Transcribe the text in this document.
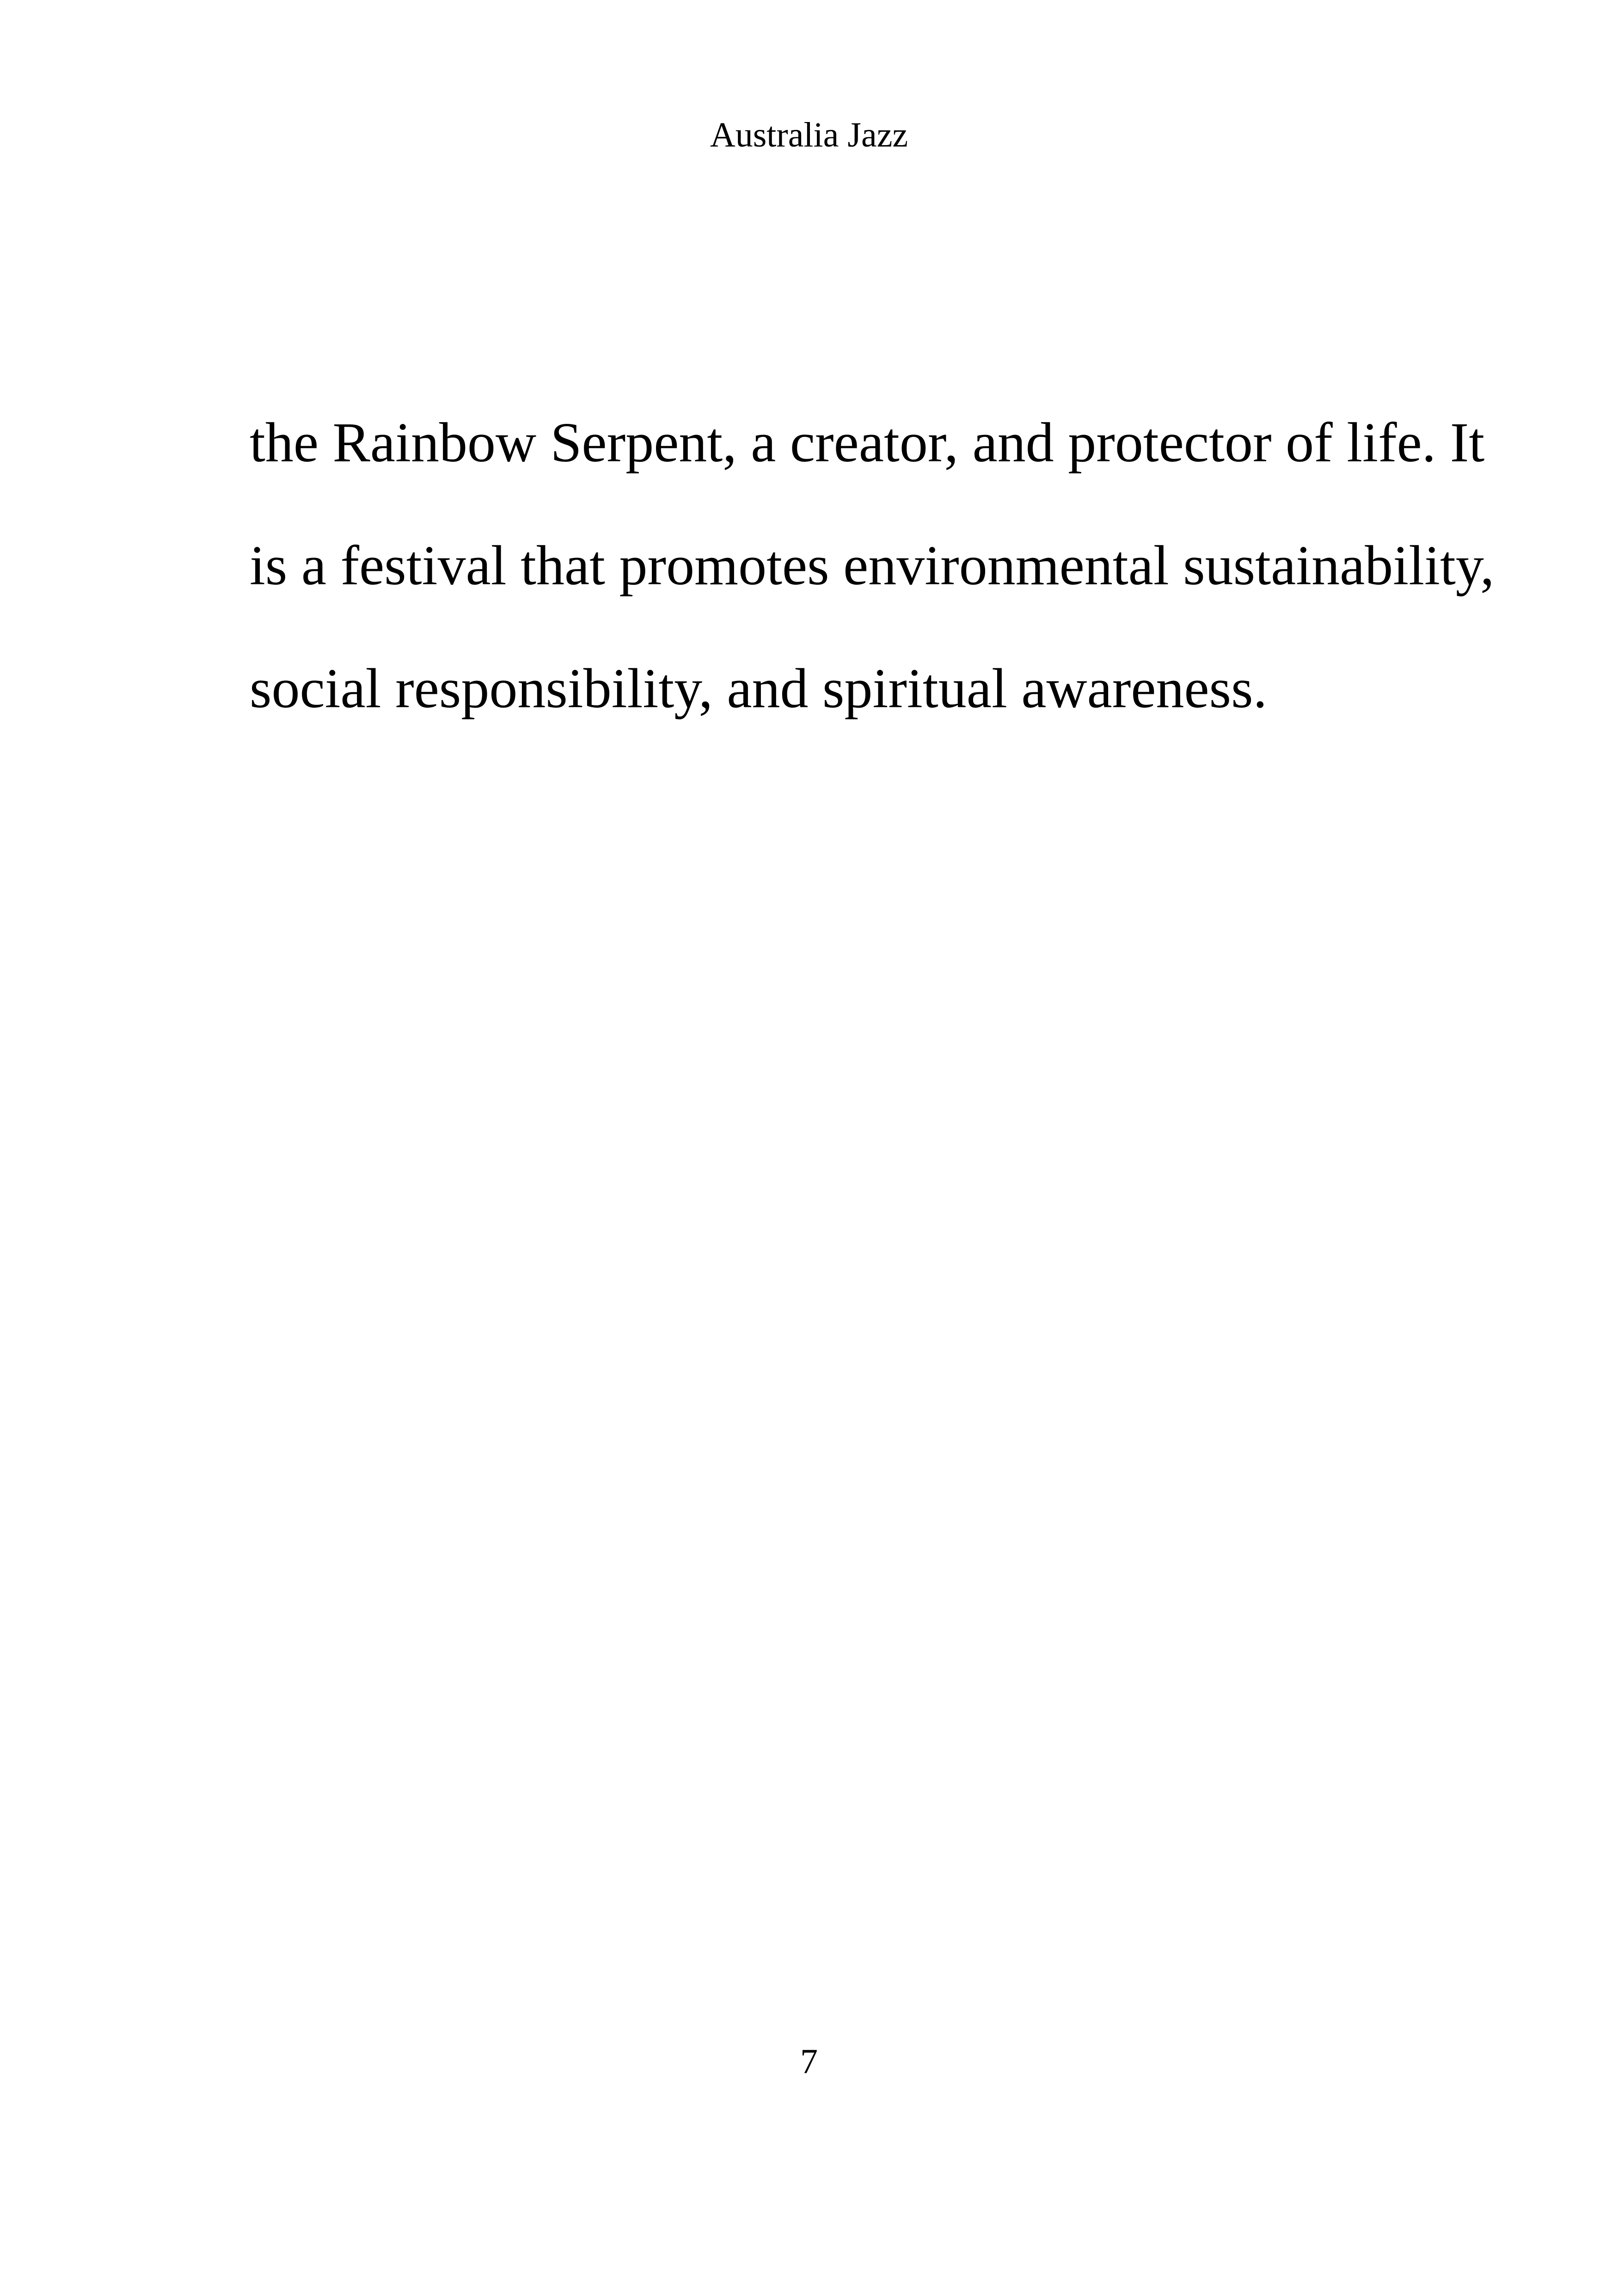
Australia Jazz

the Rainbow Serpent, a creator, and protector of life. It
is a festival that promotes environmental sustainability,
social responsibility, and spiritual awareness.

7
